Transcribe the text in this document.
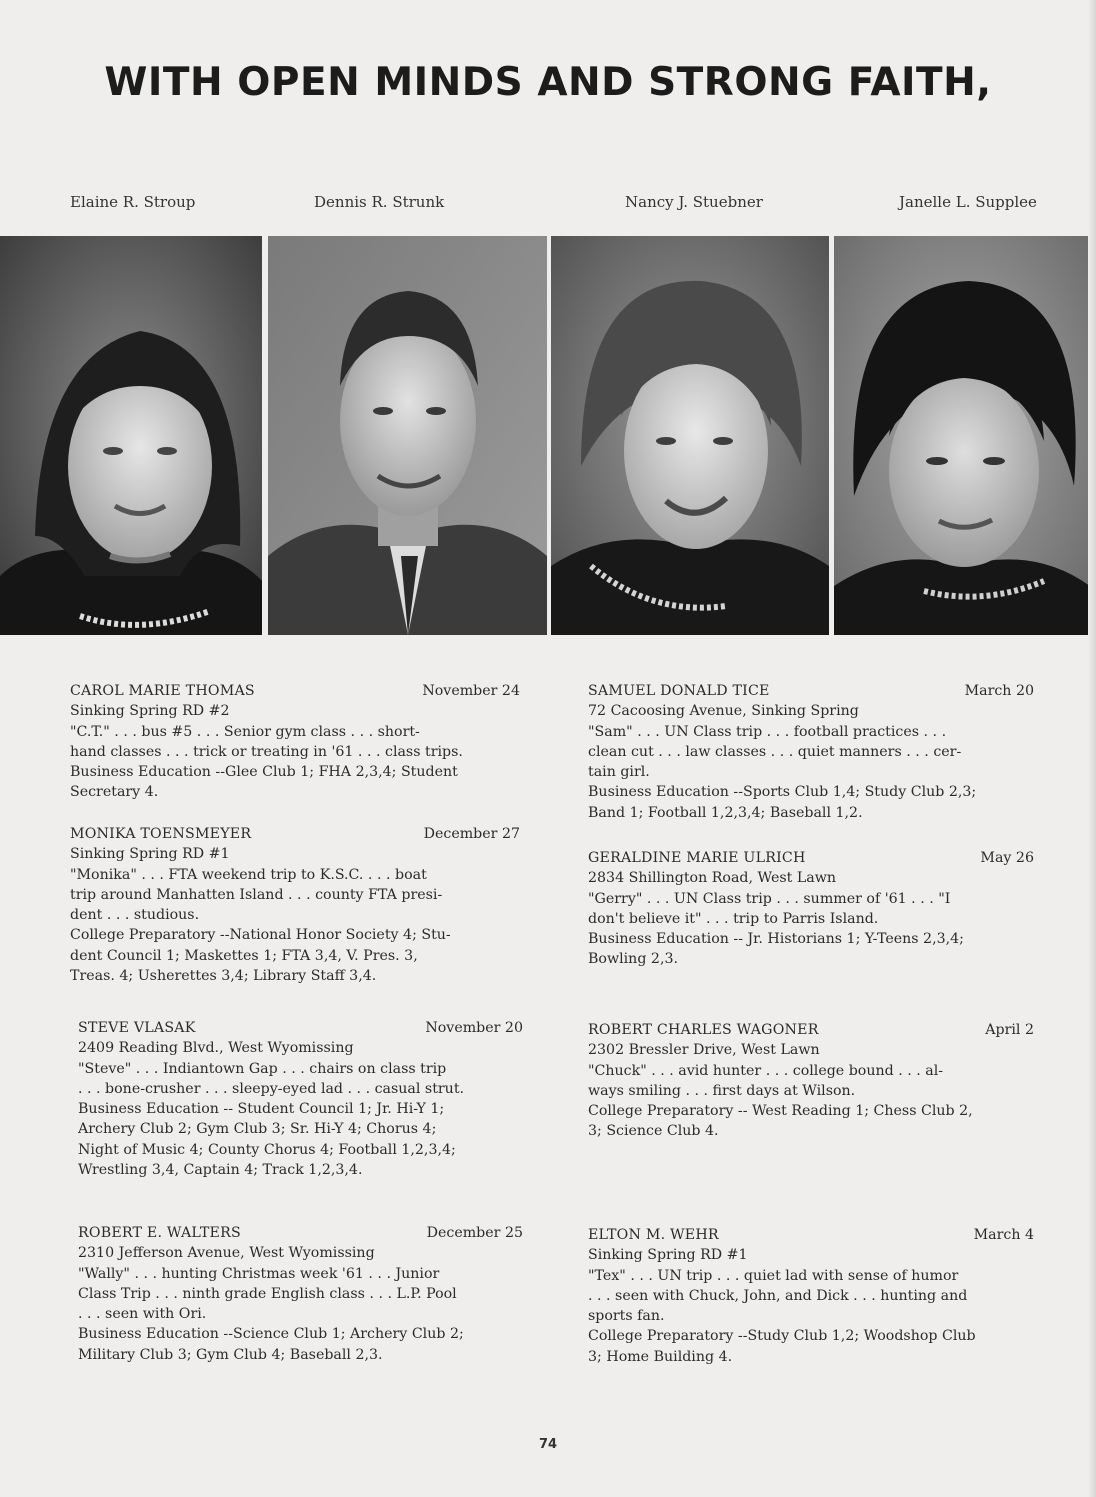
WITH OPEN MINDS AND STRONG FAITH,
Elaine R. Stroup	Dennis R. Strunk	Nancy J. Stuebner	Janelle L. Supplee
CAROL MARIE THOMAS	November 24
Sinking Spring RD #2
"C.T." . . . bus #5 . . . Senior gym class . . . short-
hand classes . . . trick or treating in '61 . . . class trips.
Business Education --Glee Club 1; FHA 2,3,4; Student
Secretary 4.
MONIKA TOENSMEYER	December 27
Sinking Spring RD #1
"Monika" . . . FTA weekend trip to K.S.C. . . . boat
trip around Manhatten Island . . . county FTA presi-
dent . . . studious.
College Preparatory --National Honor Society 4; Stu-
dent Council 1; Maskettes 1; FTA 3,4, V. Pres. 3,
Treas. 4; Usherettes 3,4; Library Staff 3,4.
STEVE VLASAK	November 20
2409 Reading Blvd., West Wyomissing
"Steve" . . . Indiantown Gap . . . chairs on class trip
. . . bone-crusher . . . sleepy-eyed lad . . . casual strut.
Business Education -- Student Council 1; Jr. Hi-Y 1;
Archery Club 2; Gym Club 3; Sr. Hi-Y 4; Chorus 4;
Night of Music 4; County Chorus 4; Football 1,2,3,4;
Wrestling 3,4, Captain 4; Track 1,2,3,4.
ROBERT E. WALTERS	December 25
2310 Jefferson Avenue, West Wyomissing
"Wally" . . . hunting Christmas week '61 . . . Junior
Class Trip . . . ninth grade English class . . . L.P. Pool
. . . seen with Ori.
Business Education --Science Club 1; Archery Club 2;
Military Club 3; Gym Club 4; Baseball 2,3.
SAMUEL DONALD TICE	March 20
72 Cacoosing Avenue, Sinking Spring
"Sam" . . . UN Class trip . . . football practices . . .
clean cut . . . law classes . . . quiet manners . . . cer-
tain girl.
Business Education --Sports Club 1,4; Study Club 2,3;
Band 1; Football 1,2,3,4; Baseball 1,2.
GERALDINE MARIE ULRICH	May 26
2834 Shillington Road, West Lawn
"Gerry" . . . UN Class trip . . . summer of '61 . . . "I
don't believe it" . . . trip to Parris Island.
Business Education -- Jr. Historians 1; Y-Teens 2,3,4;
Bowling 2,3.
ROBERT CHARLES WAGONER	April 2
2302 Bressler Drive, West Lawn
"Chuck" . . . avid hunter . . . college bound . . . al-
ways smiling . . . first days at Wilson.
College Preparatory -- West Reading 1; Chess Club 2,
3; Science Club 4.
ELTON M. WEHR	March 4
Sinking Spring RD #1
"Tex" . . . UN trip . . . quiet lad with sense of humor
. . . seen with Chuck, John, and Dick . . . hunting and
sports fan.
College Preparatory --Study Club 1,2; Woodshop Club
3; Home Building 4.
74
